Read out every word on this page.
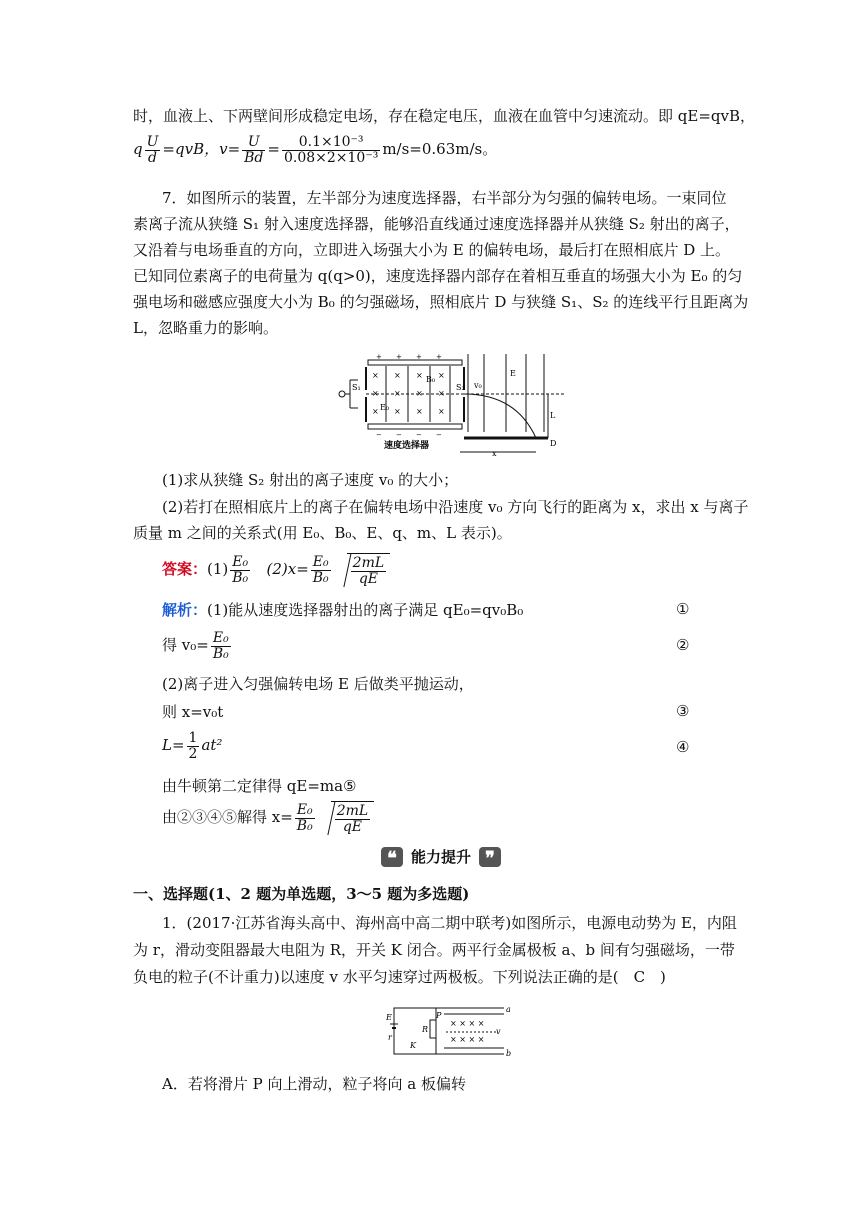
时，血液上、下两壁间形成稳定电场，存在稳定电压，血液在血管中匀速流动。即 qE=qvB，
q $\frac{U}{d} =qvB$，$v= \frac{U}{Bd} = \frac{\text{0.1×10⁻³}}{\text{0.08×2×10⁻³}} m/s=0.63m/s$。
7．如图所示的装置，左半部分为速度选择器，右半部分为匀强的偏转电场。一束同位
素离子流从狭缝 S₁ 射入速度选择器，能够沿直线通过速度选择器并从狭缝 S₂ 射出的离子，
又沿着与电场垂直的方向，立即进入场强大小为 E 的偏转电场，最后打在照相底片 D 上。
已知同位素离子的电荷量为 q(q>0)，速度选择器内部存在着相互垂直的场强大小为 E₀ 的匀
强电场和磁感应强度大小为 B₀ 的匀强磁场，照相底片 D 与狭缝 S₁、S₂ 的连线平行且距离为
L，忽略重力的影响。
+ + + +
− − − −
S₁
× × × ×
× × × ×
× × × ×
B₀
E₀
S₂ v₀
E
L
D
x
速度选择器
(1)求从狭缝 S₂ 射出的离子速度 v₀ 的大小；
(2)若打在照相底片上的离子在偏转电场中沿速度 v₀ 方向飞行的距离为 x，求出 x 与离子
质量 m 之间的关系式(用 E₀、B₀、E、q、m、L 表示)。
答案：$(1) \frac{\text{E₀}}{\text{B₀}} (2)x= \frac{\text{E₀}}{\text{B₀}} \frac{2mL}{qE}$
解析：(1)能从速度选择器射出的离子满足 qE₀=qv₀B₀	①
得 $v_0= \frac{\text{E₀}}{\text{B₀}}$	②
(2)离子进入匀强偏转电场 E 后做类平抛运动，
则 x=v₀t	③
$L= \frac{1}{2} at^2$	④
由牛顿第二定律得 qE=ma⑤
由②③④⑤解得 $x= \frac{\text{E₀}}{\text{B₀}} \frac{2mL}{qE}$
❝ 能力提升 ❞
一、选择题(1、2 题为单选题，3～5 题为多选题)
1．(2017·江苏省海头高中、海州高中高二期中联考)如图所示，电源电动势为 E，内阻
为 r，滑动变阻器最大电阻为 R，开关 K 闭合。两平行金属极板 a、b 间有匀强磁场，一带
负电的粒子(不计重力)以速度 v 水平匀速穿过两极板。下列说法正确的是(　C　)
E
r
K
R
P
× × × ×
× × × ×
v
a
b
A．若将滑片 P 向上滑动，粒子将向 a 板偏转
